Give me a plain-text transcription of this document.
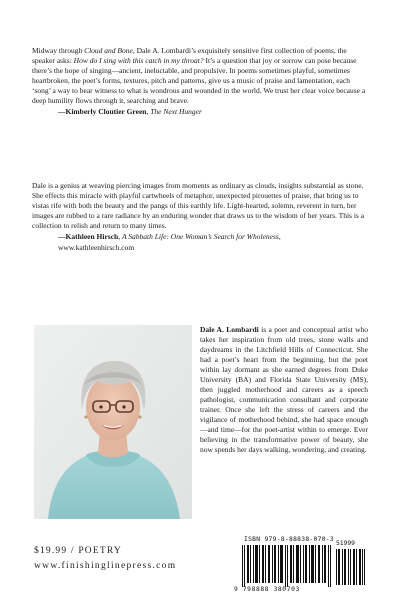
Midway through Cloud and Bone, Dale A. Lombardi’s exquisitely sensitive first collection of poems, the speaker asks: How do I sing with this catch in my throat? It’s a question that joy or sorrow can pose because there’s the hope of singing—ancient, ineluctable, and propulsive. In poems sometimes playful, sometimes heartbroken, the poet’s forms, textures, pitch and patterns, give us a music of praise and lamentation, each ‘song’ a way to bear witness to what is wondrous and wounded in the world. We trust her clear voice because a deep humility flows through it, searching and brave.
—Kimberly Cloutier Green, The Next Hunger
Dale is a genius at weaving piercing images from moments as ordinary as clouds, insights substantial as stone. She effects this miracle with playful cartwheels of metaphor, unexpected pirouettes of praise, that bring us to vistas rife with both the beauty and the pangs of this earthly life. Light-hearted, solemn, reverent in turn, her images are rubbed to a rare radiance by an enduring wonder that draws us to the wisdom of her years. This is a collection to relish and return to many times.
—Kathleen Hirsch, A Sabbath Life: One Woman’s Search for Wholeness,
www.kathleenhirsch.com
Dale A. Lombardi is a poet and conceptual artist who takes her inspiration from old trees, stone walls and daydreams in the Litchfield Hills of Connecticut. She had a poet’s heart from the beginning, but the poet within lay dormant as she earned degrees from Duke University (BA) and Florida State University (MS), then juggled motherhood and careers as a speech pathologist, communication consultant and corporate trainer. Once she left the stress of careers and the vigilance of motherhood behind, she had space enough—and time—for the poet-artist within to emerge. Ever believing in the transformative power of beauty, she now spends her days walking, wondering, and creating.
$19.99 / POETRY
www.finishinglinepress.com
ISBN 979-8-88838-070-3
51999
9 798888 380703
